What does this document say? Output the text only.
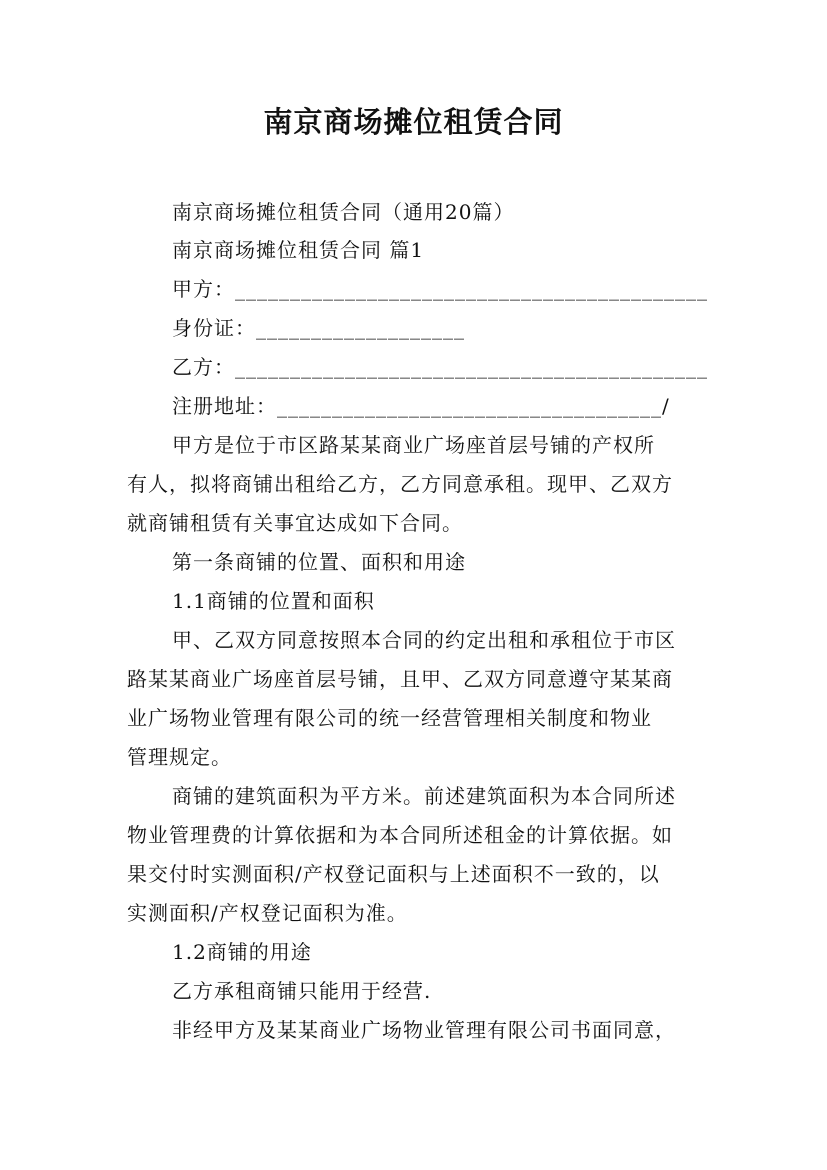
南京商场摊位租赁合同
南京商场摊位租赁合同（通用20篇）
南京商场摊位租赁合同 篇1
甲方：___________________________________________
身份证：___________________
乙方：___________________________________________
注册地址：___________________________________/
甲方是位于市区路某某商业广场座首层号铺的产权所
有人，拟将商铺出租给乙方，乙方同意承租。现甲、乙双方
就商铺租赁有关事宜达成如下合同。
第一条商铺的位置、面积和用途
1.1商铺的位置和面积
甲、乙双方同意按照本合同的约定出租和承租位于市区
路某某商业广场座首层号铺，且甲、乙双方同意遵守某某商
业广场物业管理有限公司的统一经营管理相关制度和物业
管理规定。
商铺的建筑面积为平方米。前述建筑面积为本合同所述
物业管理费的计算依据和为本合同所述租金的计算依据。如
果交付时实测面积/产权登记面积与上述面积不一致的，以
实测面积/产权登记面积为准。
1.2商铺的用途
乙方承租商铺只能用于经营.
非经甲方及某某商业广场物业管理有限公司书面同意，
